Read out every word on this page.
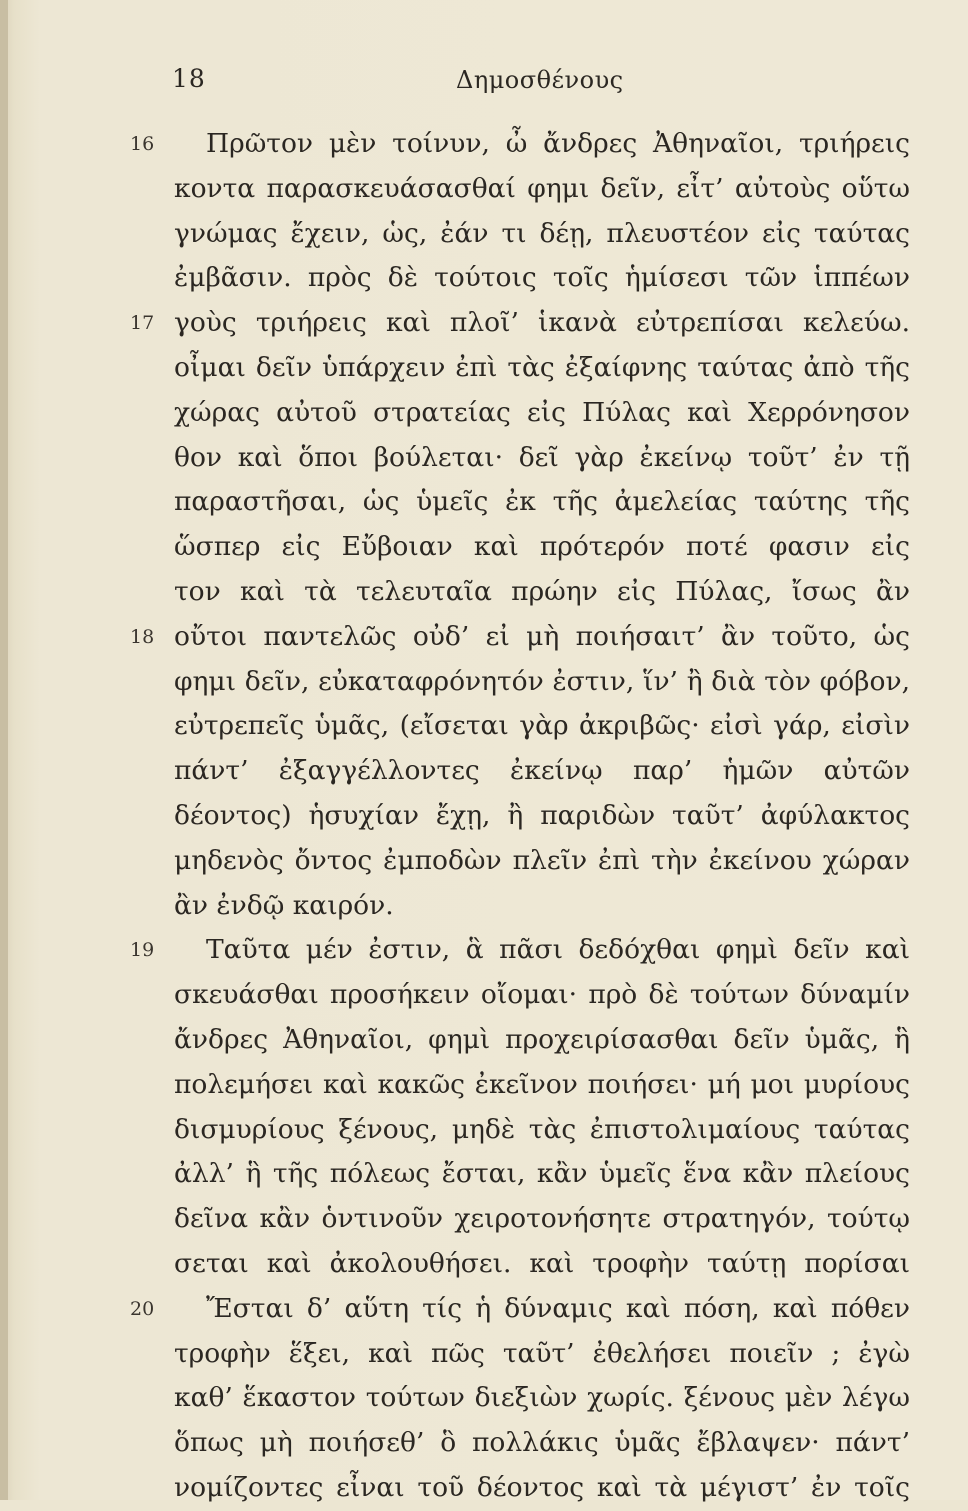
18	Δημοσθένους
16	Πρῶτον μὲν τοίνυν, ὦ ἄνδρες Ἀθηναῖοι, τριήρεις
κοντα παρασκευάσασθαί φημι δεῖν, εἶτ’ αὐτοὺς οὕτω
γνώμας ἔχειν, ὡς, ἐάν τι δέῃ, πλευστέον εἰς ταύτας
ἐμβᾶσιν. πρὸς δὲ τούτοις τοῖς ἡμίσεσι τῶν ἱππέων
17 γοὺς τριήρεις καὶ πλοῖ’ ἱκανὰ εὐτρεπίσαι κελεύω.
οἶμαι δεῖν ὑπάρχειν ἐπὶ τὰς ἐξαίφνης ταύτας ἀπὸ τῆς
χώρας αὐτοῦ στρατείας εἰς Πύλας καὶ Χερρόνησον
θον καὶ ὅποι βούλεται· δεῖ γὰρ ἐκείνῳ τοῦτ’ ἐν τῇ
παραστῆσαι, ὡς ὑμεῖς ἐκ τῆς ἀμελείας ταύτης τῆς
ὥσπερ εἰς Εὔβοιαν καὶ πρότερόν ποτέ φασιν εἰς
τον καὶ τὰ τελευταῖα πρώην εἰς Πύλας, ἴσως ἂν
18 οὔτοι παντελῶς οὐδ’ εἰ μὴ ποιήσαιτ’ ἂν τοῦτο, ὡς
φημι δεῖν, εὐκαταφρόνητόν ἐστιν, ἵν’ ἢ διὰ τὸν φόβον,
εὐτρεπεῖς ὑμᾶς, (εἴσεται γὰρ ἀκριβῶς· εἰσὶ γάρ, εἰσὶν
πάντ’ ἐξαγγέλλοντες ἐκείνῳ παρ’ ἡμῶν αὐτῶν
δέοντος) ἡσυχίαν ἔχῃ, ἢ παριδὼν ταῦτ’ ἀφύλακτος
μηδενὸς ὄντος ἐμποδὼν πλεῖν ἐπὶ τὴν ἐκείνου χώραν
ἂν ἐνδῷ καιρόν.
19	Ταῦτα μέν ἐστιν, ἃ πᾶσι δεδόχθαι φημὶ δεῖν καὶ
σκευάσθαι προσήκειν οἴομαι· πρὸ δὲ τούτων δύναμίν
ἄνδρες Ἀθηναῖοι, φημὶ προχειρίσασθαι δεῖν ὑμᾶς, ἣ
πολεμήσει καὶ κακῶς ἐκεῖνον ποιήσει· μή μοι μυρίους
δισμυρίους ξένους, μηδὲ τὰς ἐπιστολιμαίους ταύτας
ἀλλ’ ἣ τῆς πόλεως ἔσται, κἂν ὑμεῖς ἕνα κἂν πλείους
δεῖνα κἂν ὁντινοῦν χειροτονήσητε στρατηγόν, τούτῳ
σεται καὶ ἀκολουθήσει. καὶ τροφὴν ταύτῃ πορίσαι
20	Ἔσται δ’ αὕτη τίς ἡ δύναμις καὶ πόση, καὶ πόθεν
τροφὴν ἕξει, καὶ πῶς ταῦτ’ ἐθελήσει ποιεῖν ; ἐγὼ
καθ’ ἕκαστον τούτων διεξιὼν χωρίς. ξένους μὲν λέγω
ὅπως μὴ ποιήσεθ’ ὃ πολλάκις ὑμᾶς ἔβλαψεν· πάντ’
νομίζοντες εἶναι τοῦ δέοντος καὶ τὰ μέγιστ’ ἐν τοῖς
